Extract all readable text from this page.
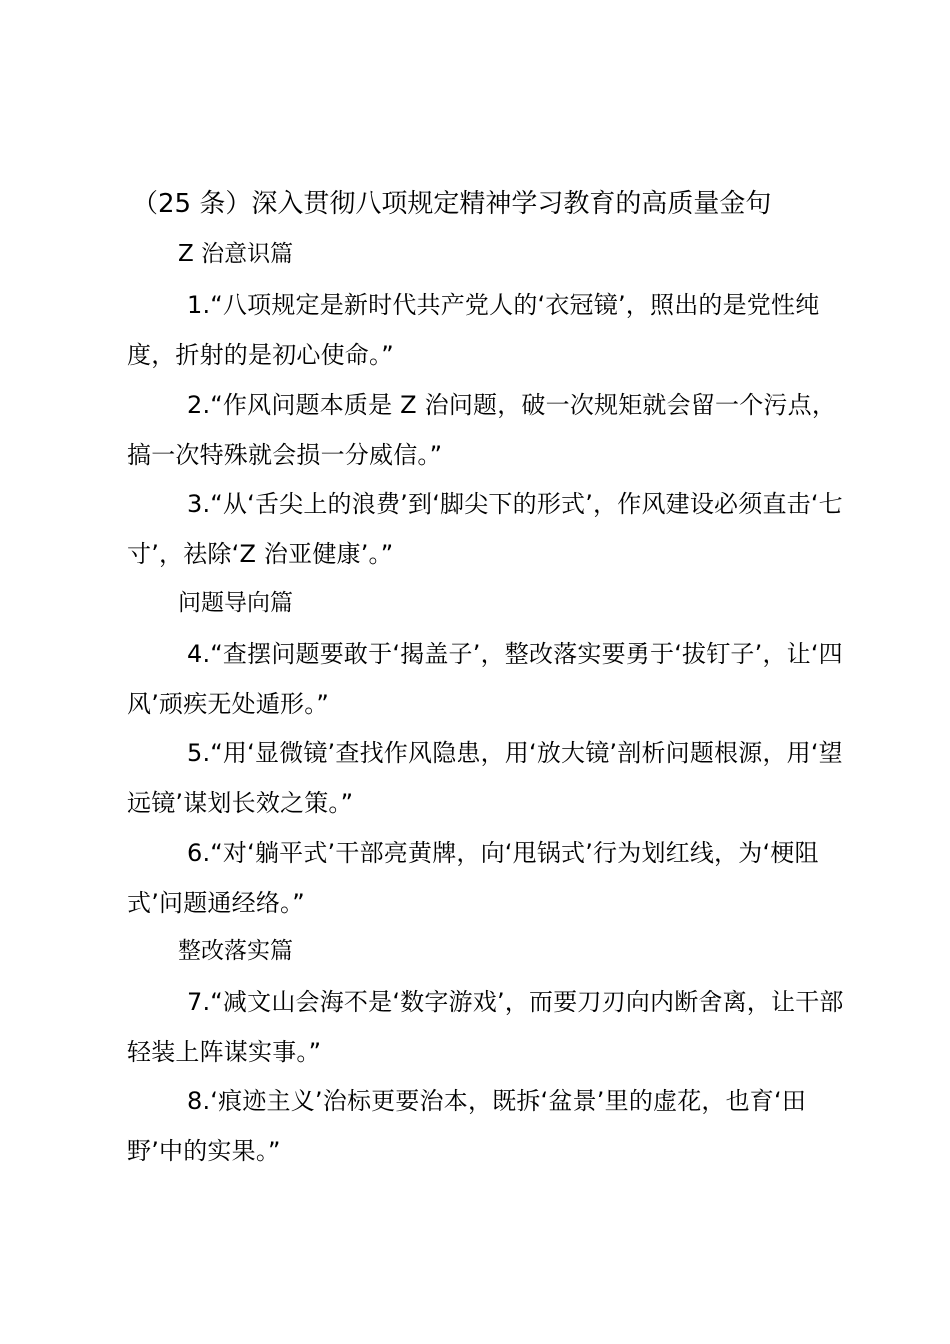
（25 条）深入贯彻八项规定精神学习教育的高质量金句
Z 治意识篇
1.“八项规定是新时代共产党人的‘衣冠镜’，照出的是党性纯度，折射的是初心使命。”
2.“作风问题本质是 Z 治问题，破一次规矩就会留一个污点，搞一次特殊就会损一分威信。”
3.“从‘舌尖上的浪费’到‘脚尖下的形式’，作风建设必须直击‘七寸’，祛除‘Z 治亚健康’。”
问题导向篇
4.“查摆问题要敢于‘揭盖子’，整改落实要勇于‘拔钉子’，让‘四风’顽疾无处遁形。”
5.“用‘显微镜’查找作风隐患，用‘放大镜’剖析问题根源，用‘望远镜’谋划长效之策。”
6.“对‘躺平式’干部亮黄牌，向‘甩锅式’行为划红线，为‘梗阻式’问题通经络。”
整改落实篇
7.“减文山会海不是‘数字游戏’，而要刀刃向内断舍离，让干部轻装上阵谋实事。”
8.‘痕迹主义’治标更要治本，既拆‘盆景’里的虚花，也育‘田野’中的实果。”
